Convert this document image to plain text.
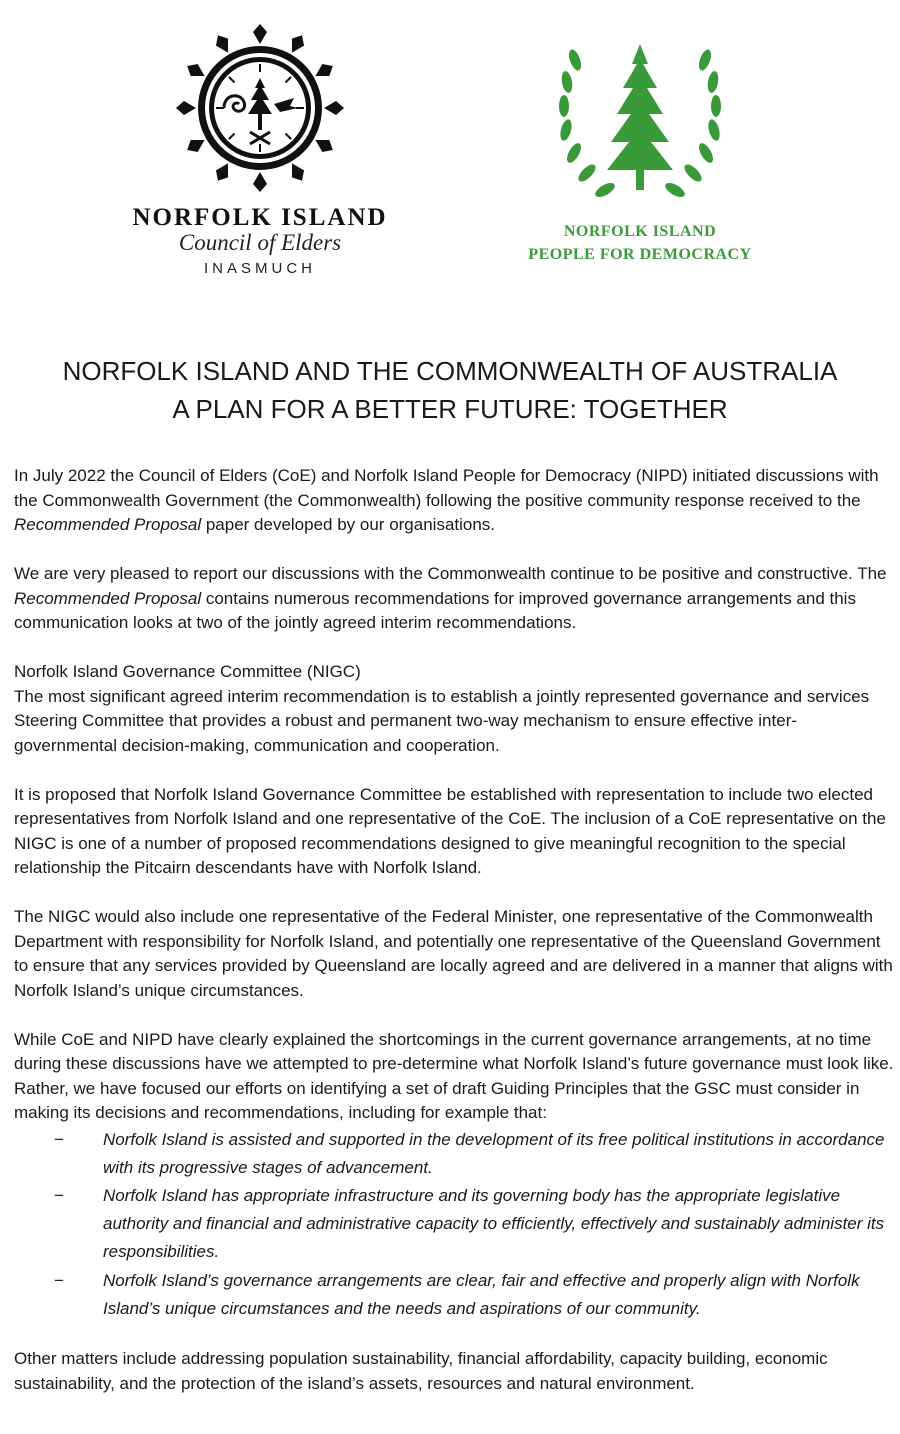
NORFOLK ISLAND
Council of Elders
INASMUCH
NORFOLK ISLAND
PEOPLE FOR DEMOCRACY
NORFOLK ISLAND AND THE COMMONWEALTH OF AUSTRALIA
A PLAN FOR A BETTER FUTURE: TOGETHER

In July 2022 the Council of Elders (CoE) and Norfolk Island People for Democracy (NIPD) initiated discussions with the Commonwealth Government (the Commonwealth) following the positive community response received to the Recommended Proposal paper developed by our organisations.

We are very pleased to report our discussions with the Commonwealth continue to be positive and constructive. The Recommended Proposal contains numerous recommendations for improved governance arrangements and this communication looks at two of the jointly agreed interim recommendations.

Norfolk Island Governance Committee (NIGC)

The most significant agreed interim recommendation is to establish a jointly represented governance and services Steering Committee that provides a robust and permanent two-way mechanism to ensure effective inter-governmental decision-making, communication and cooperation.

It is proposed that Norfolk Island Governance Committee be established with representation to include two elected representatives from Norfolk Island and one representative of the CoE. The inclusion of a CoE representative on the NIGC is one of a number of proposed recommendations designed to give meaningful recognition to the special relationship the Pitcairn descendants have with Norfolk Island.

The NIGC would also include one representative of the Federal Minister, one representative of the Commonwealth Department with responsibility for Norfolk Island, and potentially one representative of the Queensland Government to ensure that any services provided by Queensland are locally agreed and are delivered in a manner that aligns with Norfolk Island’s unique circumstances.

While CoE and NIPD have clearly explained the shortcomings in the current governance arrangements, at no time during these discussions have we attempted to pre-determine what Norfolk Island’s future governance must look like. Rather, we have focused our efforts on identifying a set of draft Guiding Principles that the GSC must consider in making its decisions and recommendations, including for example that:

− Norfolk Island is assisted and supported in the development of its free political institutions in accordance with its progressive stages of advancement.
− Norfolk Island has appropriate infrastructure and its governing body has the appropriate legislative authority and financial and administrative capacity to efficiently, effectively and sustainably administer its responsibilities.
− Norfolk Island’s governance arrangements are clear, fair and effective and properly align with Norfolk Island’s unique circumstances and the needs and aspirations of our community.

Other matters include addressing population sustainability, financial affordability, capacity building, economic sustainability, and the protection of the island’s assets, resources and natural environment.
